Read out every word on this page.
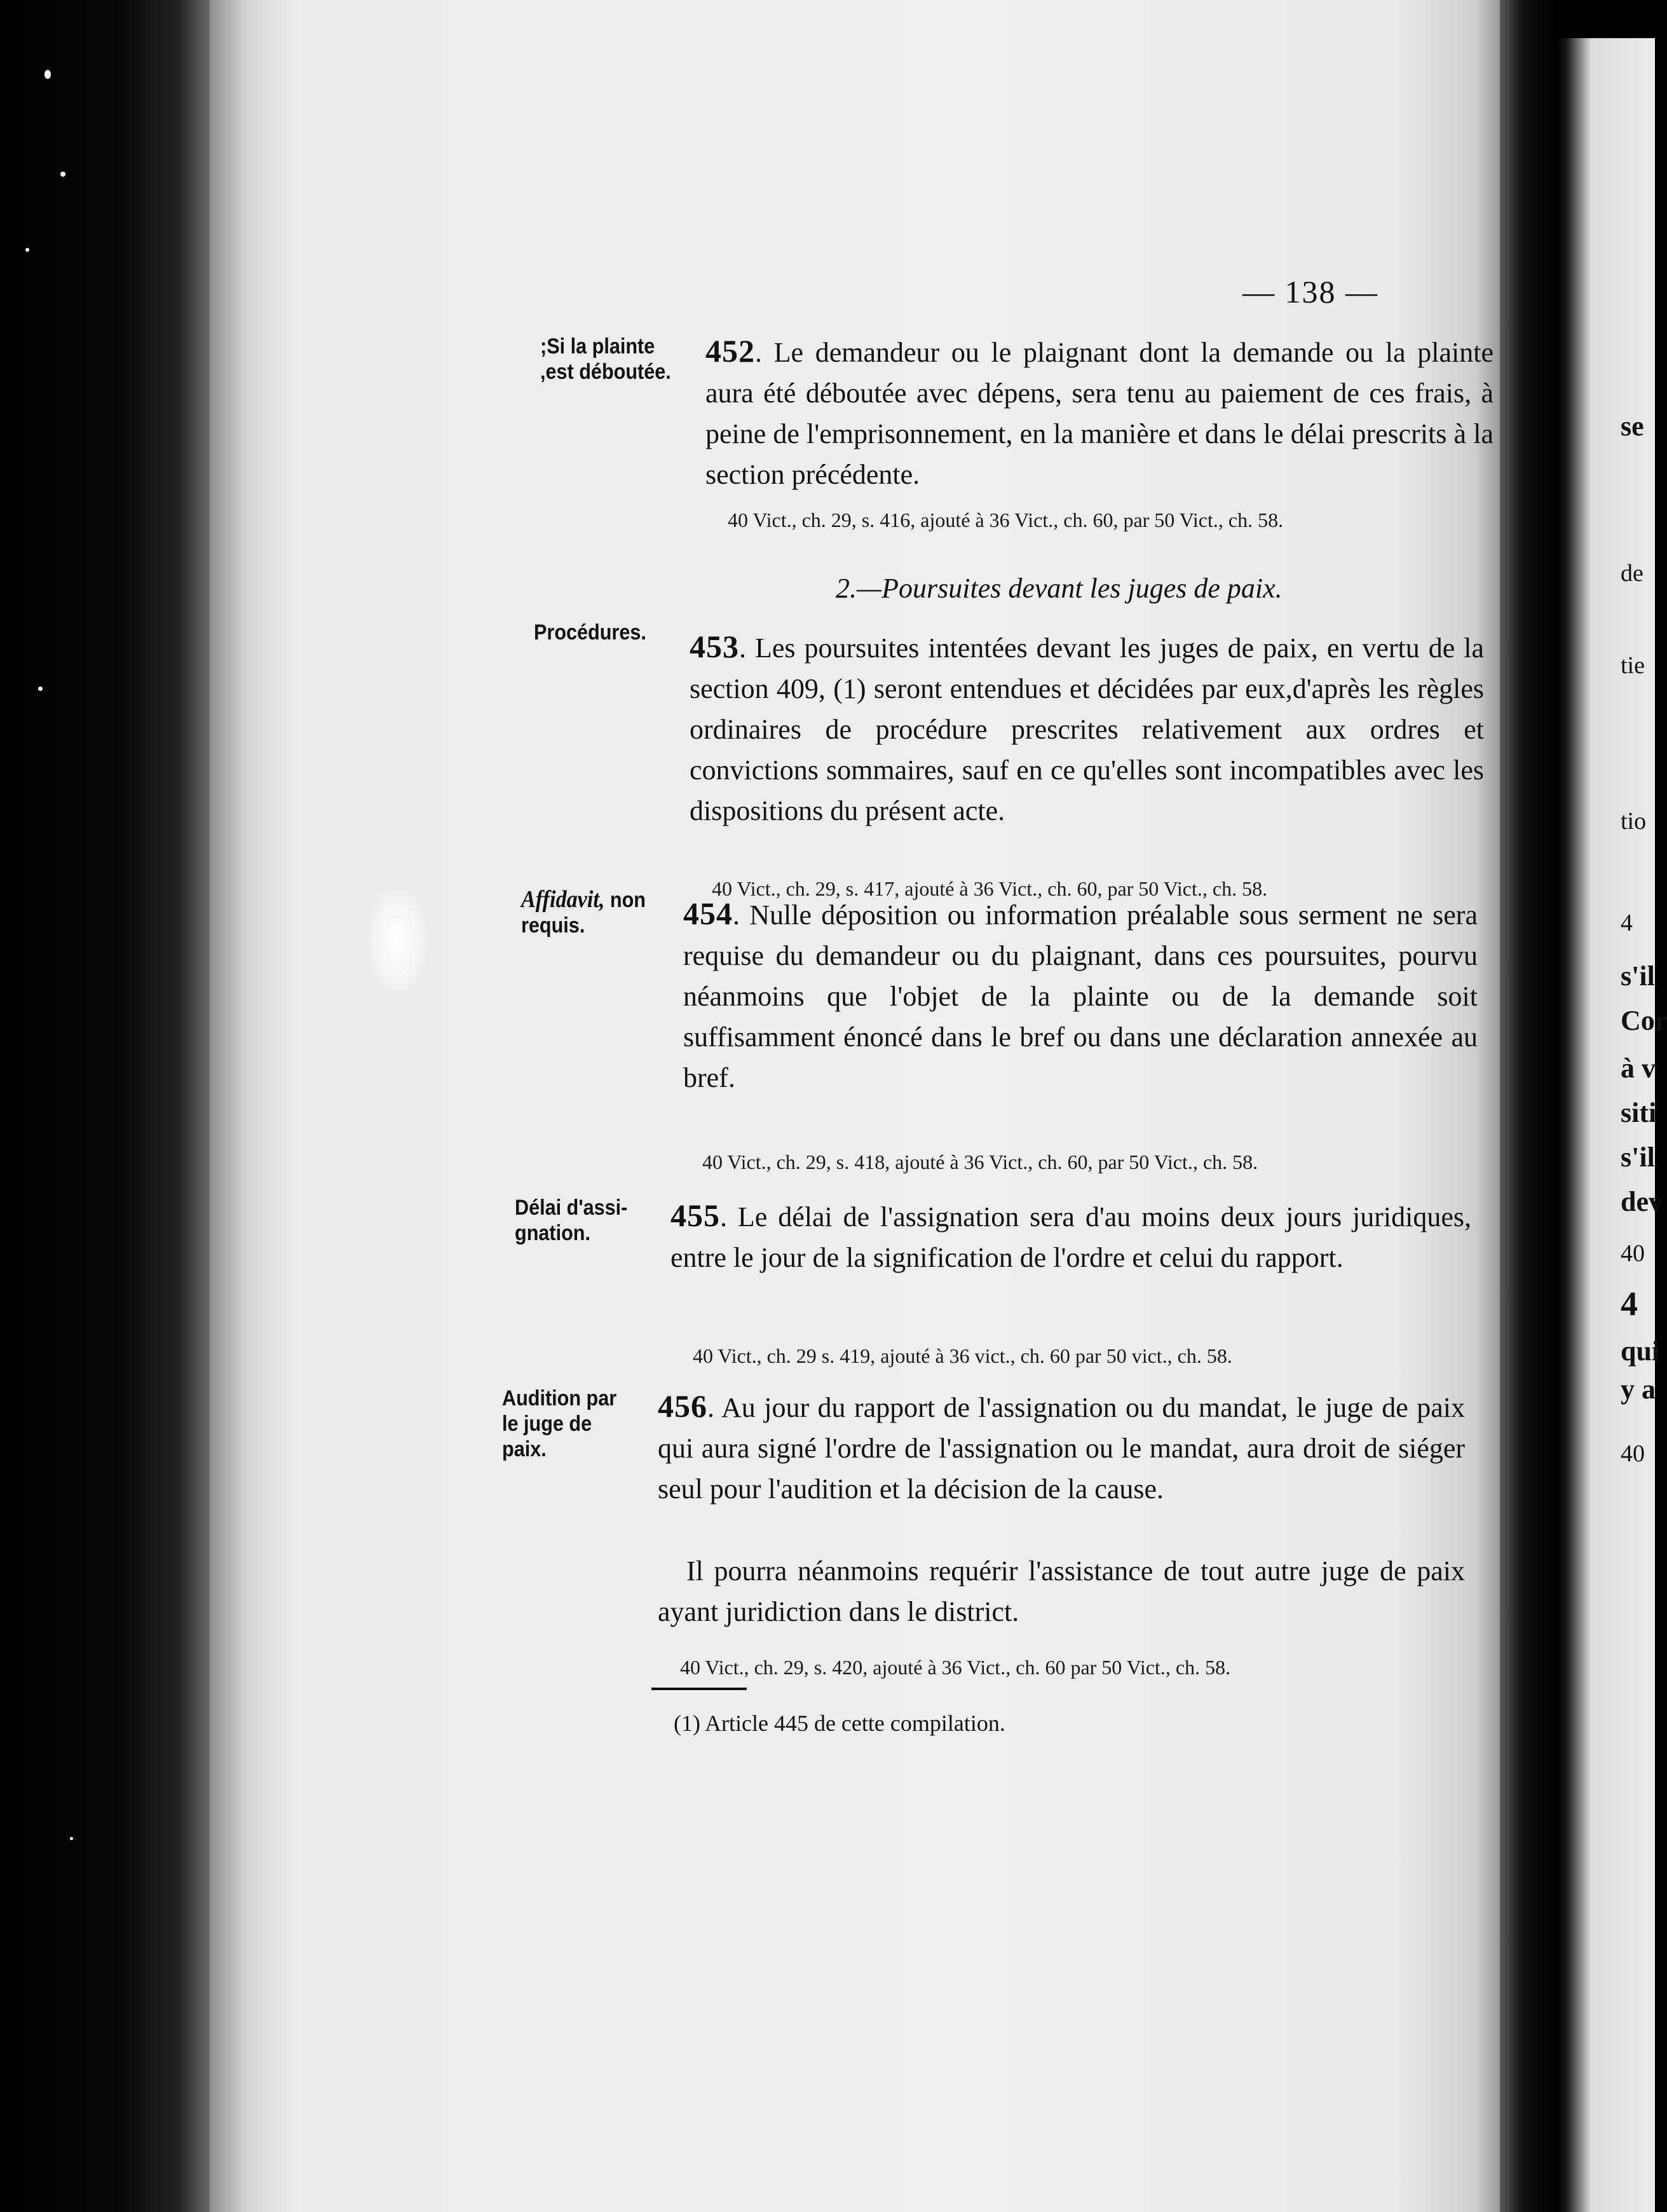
— 138 —
;Si la plainte
,est déboutée.
452. Le demandeur ou le plaignant dont la demande ou la plainte aura été déboutée avec dépens, sera tenu au paiement de ces frais, à peine de l'emprisonnement, en la manière et dans le délai prescrits à la section précédente.
40 Vict., ch. 29, s. 416, ajouté à 36 Vict., ch. 60, par 50 Vict., ch. 58.
2.—Poursuites devant les juges de paix.
Procédures. 453. Les poursuites intentées devant les juges de paix, en vertu de la section 409, (1) seront entendues et décidées par eux,d'après les règles ordinaires de procédure prescrites relativement aux ordres et convictions sommaires, sauf en ce qu'elles sont incompatibles avec les dispositions du présent acte.
40 Vict., ch. 29, s. 417, ajouté à 36 Vict., ch. 60, par 50 Vict., ch. 58.
Affidavit, non
requis.	454. Nulle déposition ou information préalable sous serment ne sera requise du demandeur ou du plaignant, dans ces poursuites, pourvu néanmoins que l'objet de la plainte ou de la demande soit suffisamment énoncé dans le bref ou dans une déclaration annexée au bref.
40 Vict., ch. 29, s. 418, ajouté à 36 Vict., ch. 60, par 50 Vict., ch. 58.
Délai d'assi-
gnation.	455. Le délai de l'assignation sera d'au moins deux jours juridiques, entre le jour de la signification de l'ordre et celui du rapport.
40 Vict., ch. 29 s. 419, ajouté à 36 vict., ch. 60 par 50 vict., ch. 58.
Audition par
le juge de
paix.
456. Au jour du rapport de l'assignation ou du mandat, le juge de paix qui aura signé l'ordre de l'assignation ou le mandat, aura droit de siéger seul pour l'audition et la décision de la cause.
Il pourra néanmoins requérir l'assistance de tout autre juge de paix ayant juridiction dans le district.
40 Vict., ch. 29, s. 420, ajouté à 36 Vict., ch. 60 par 50 Vict., ch. 58.
(1) Article 445 de cette compilation.
se
de
tie
tio
4
s'il
Cor
à v
siti
s'il
dev
40
4
qui
y a
40
